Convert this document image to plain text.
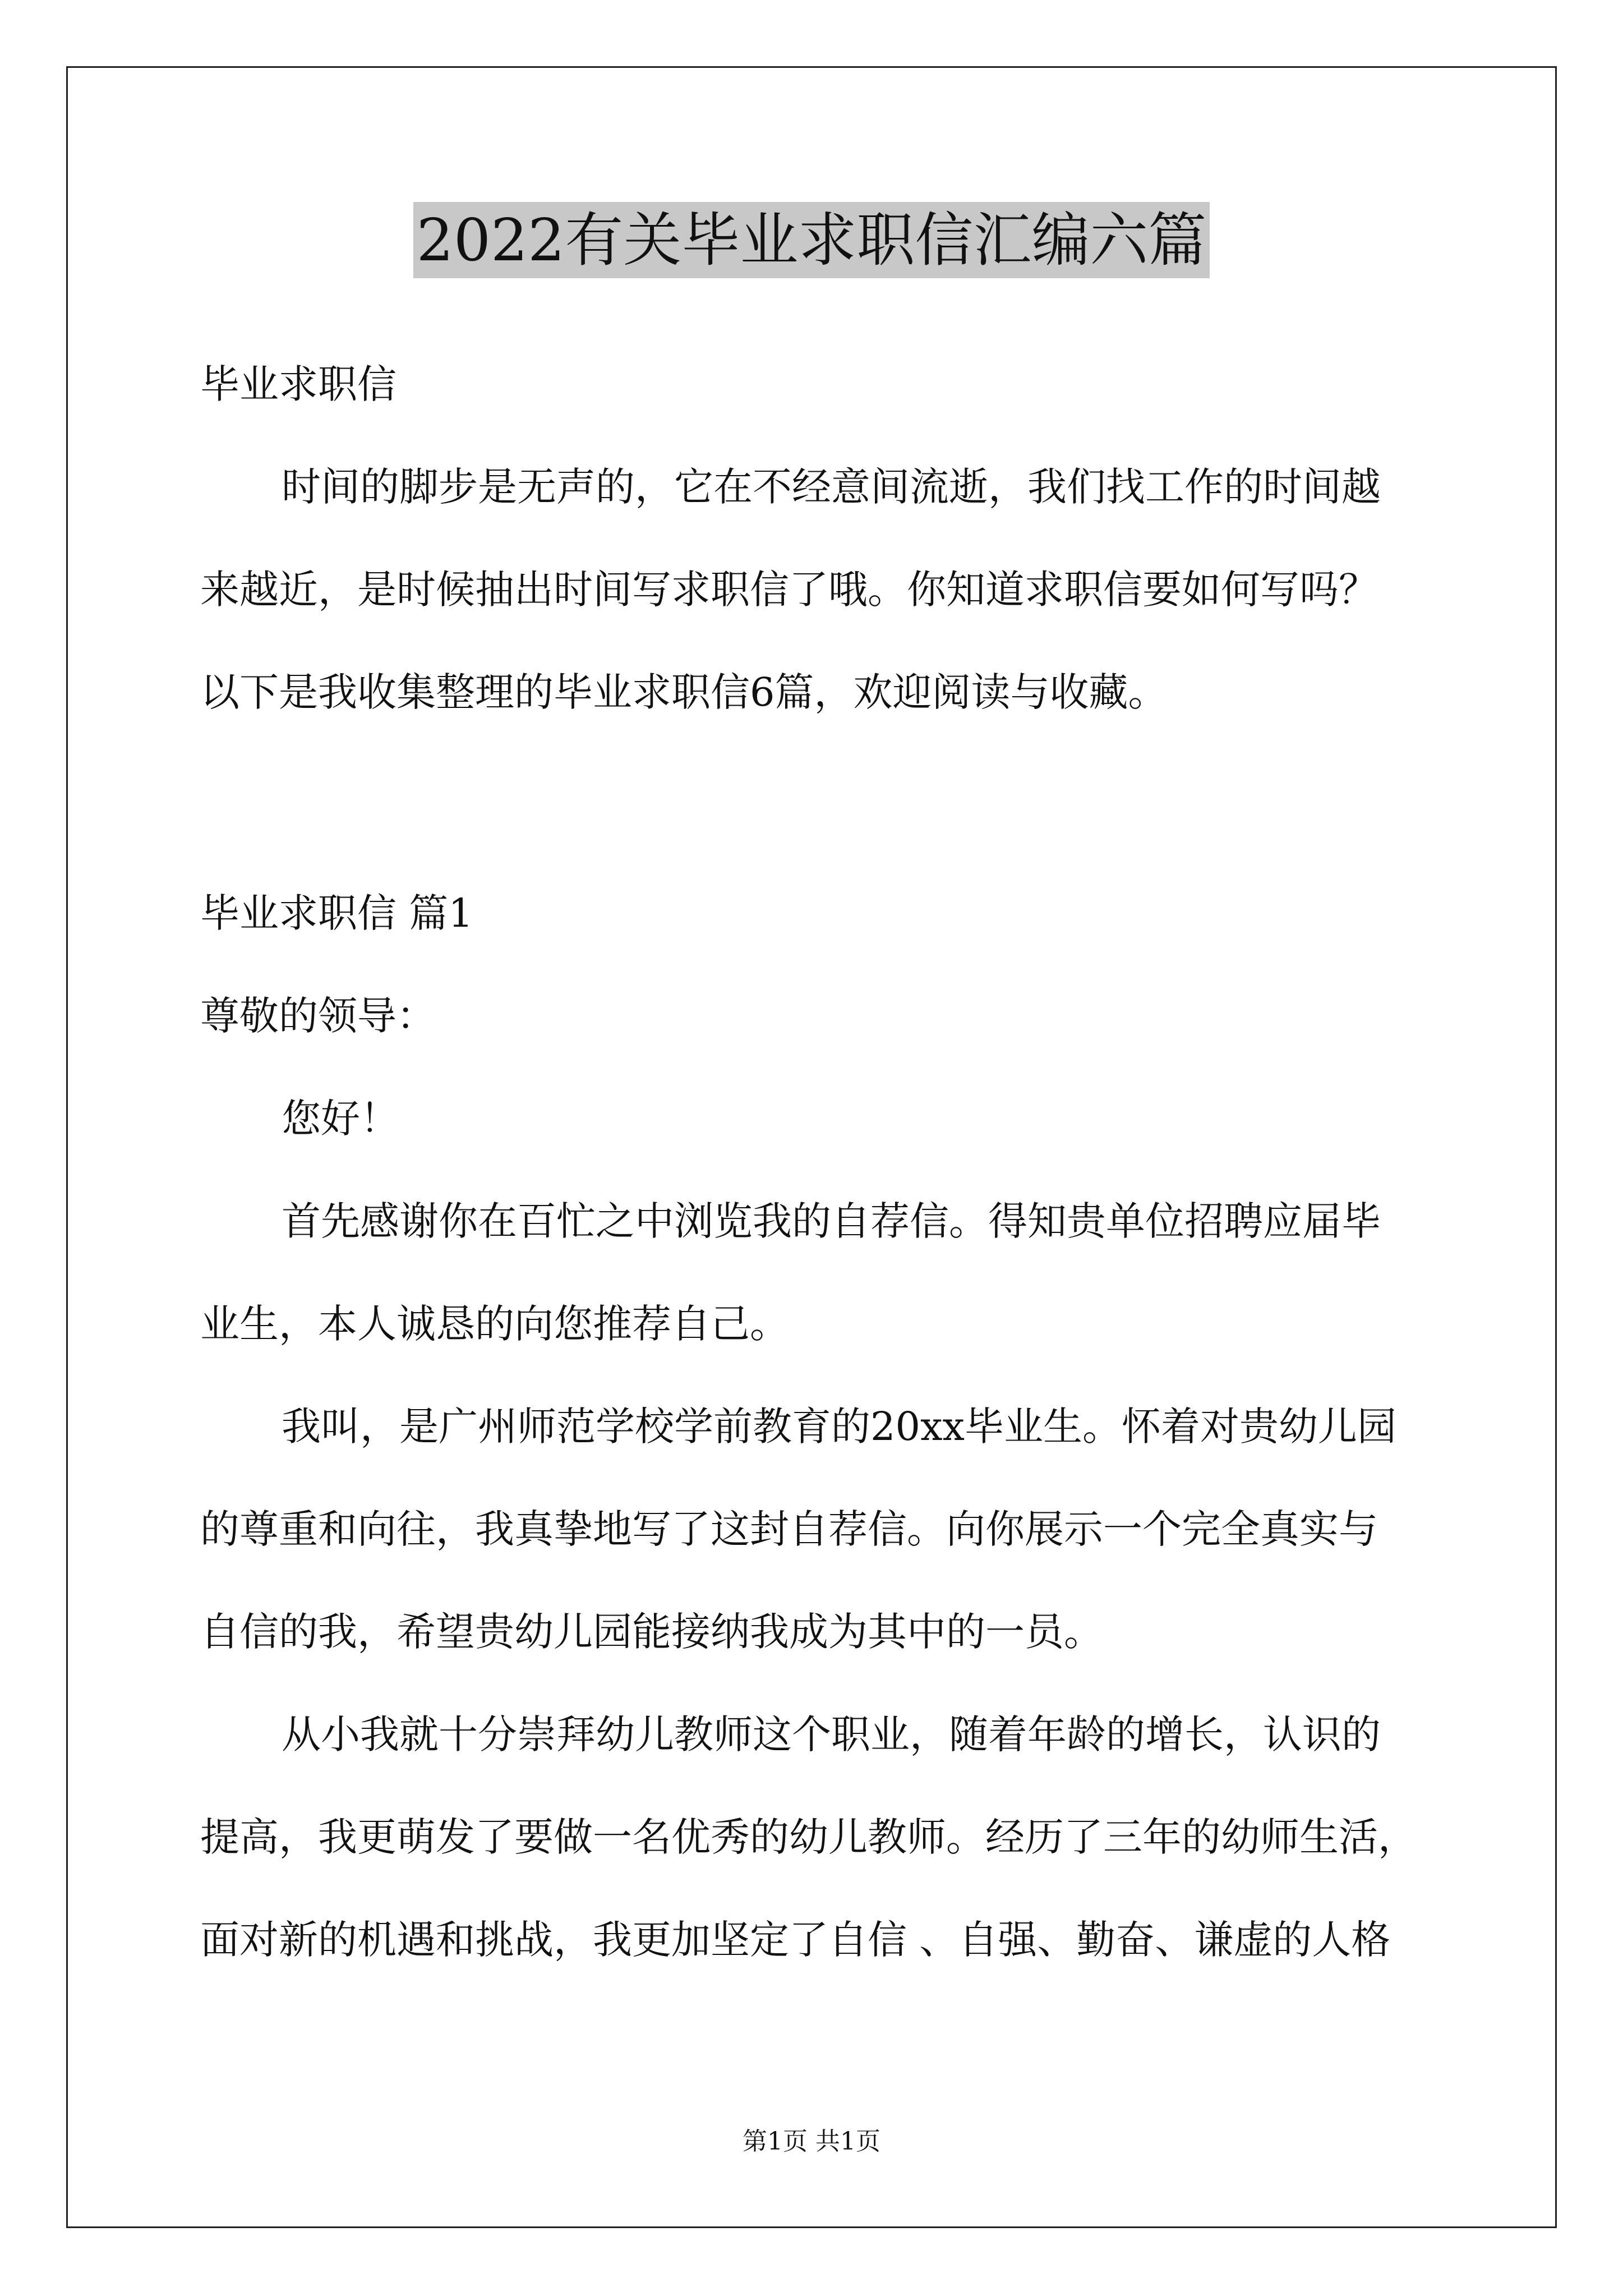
2022有关毕业求职信汇编六篇
毕业求职信
时间的脚步是无声的，它在不经意间流逝，我们找工作的时间越
来越近，是时候抽出时间写求职信了哦。你知道求职信要如何写吗？
以下是我收集整理的毕业求职信6篇，欢迎阅读与收藏。
毕业求职信 篇1
尊敬的领导：
您好！
首先感谢你在百忙之中浏览我的自荐信。得知贵单位招聘应届毕
业生，本人诚恳的向您推荐自己。
我叫，是广州师范学校学前教育的20xx毕业生。怀着对贵幼儿园
的尊重和向往，我真挚地写了这封自荐信。向你展示一个完全真实与
自信的我，希望贵幼儿园能接纳我成为其中的一员。
从小我就十分崇拜幼儿教师这个职业，随着年龄的增长，认识的
提高，我更萌发了要做一名优秀的幼儿教师。经历了三年的幼师生活，
面对新的机遇和挑战，我更加坚定了自信 、自强、勤奋、谦虚的人格
第1页 共1页
